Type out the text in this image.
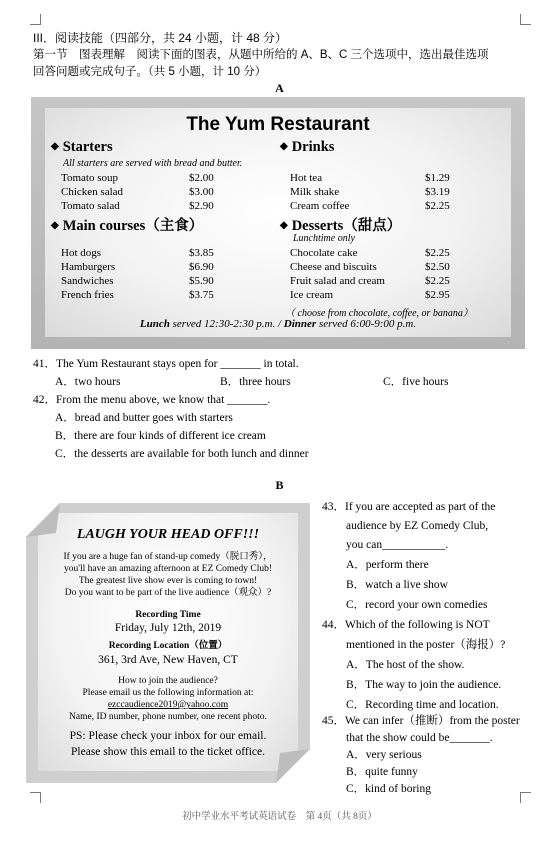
III．阅读技能（四部分，共 24 小题，计 48 分）
第一节　图表理解　阅读下面的图表，从题中所给的 A、B、C 三个选项中，选出最佳选项
回答问题或完成句子。（共 5 小题，计 10 分）
A
The Yum Restaurant
◆ Starters
All starters are served with bread and butter.
Tomato soup	$2.00
Chicken salad	$3.00
Tomato salad	$2.90
◆ Drinks
Hot tea	$1.29
Milk shake	$3.19
Cream coffee	$2.25
◆ Main courses（主食）
Hot dogs	$3.85
Hamburgers	$6.90
Sandwiches	$5.90
French fries	$3.75
◆ Desserts（甜点）
Lunchtime only
Chocolate cake	$2.25
Cheese and biscuits	$2.50
Fruit salad and cream	$2.25
Ice cream	$2.95
（ choose from chocolate, coffee, or banana）
Lunch served 12:30-2:30 p.m. / Dinner served 6:00-9:00 p.m.
41．The Yum Restaurant stays open for _______ in total.
A．two hours	B．three hours	C．five hours
42．From the menu above, we know that _______.
A．bread and butter goes with starters
B．there are four kinds of different ice cream
C．the desserts are available for both lunch and dinner
B
LAUGH YOUR HEAD OFF!!!
If you are a huge fan of stand-up comedy（脱口秀），
you'll have an amazing afternoon at EZ Comedy Club!
The greatest live show ever is coming to town!
Do you want to be part of the live audience（观众）?
Recording Time
Friday, July 12th, 2019
Recording Location（位置）
361, 3rd Ave, New Haven, CT
How to join the audience?
Please email us the following information at:
ezccaudience2019@yahoo.com
Name, ID number, phone number, one recent photo.
PS: Please check your inbox for our email.
Please show this email to the ticket office.
43．If you are accepted as part of the
audience by EZ Comedy Club,
you can___________.
A．perform there
B．watch a live show
C．record your own comedies
44．Which of the following is NOT
mentioned in the poster（海报）?
A．The host of the show.
B．The way to join the audience.
C．Recording time and location.
45．We can infer（推断）from the poster
that the show could be_______.
A．very serious
B．quite funny
C．kind of boring
初中学业水平考试英语试卷　第 4页（共 8页）
